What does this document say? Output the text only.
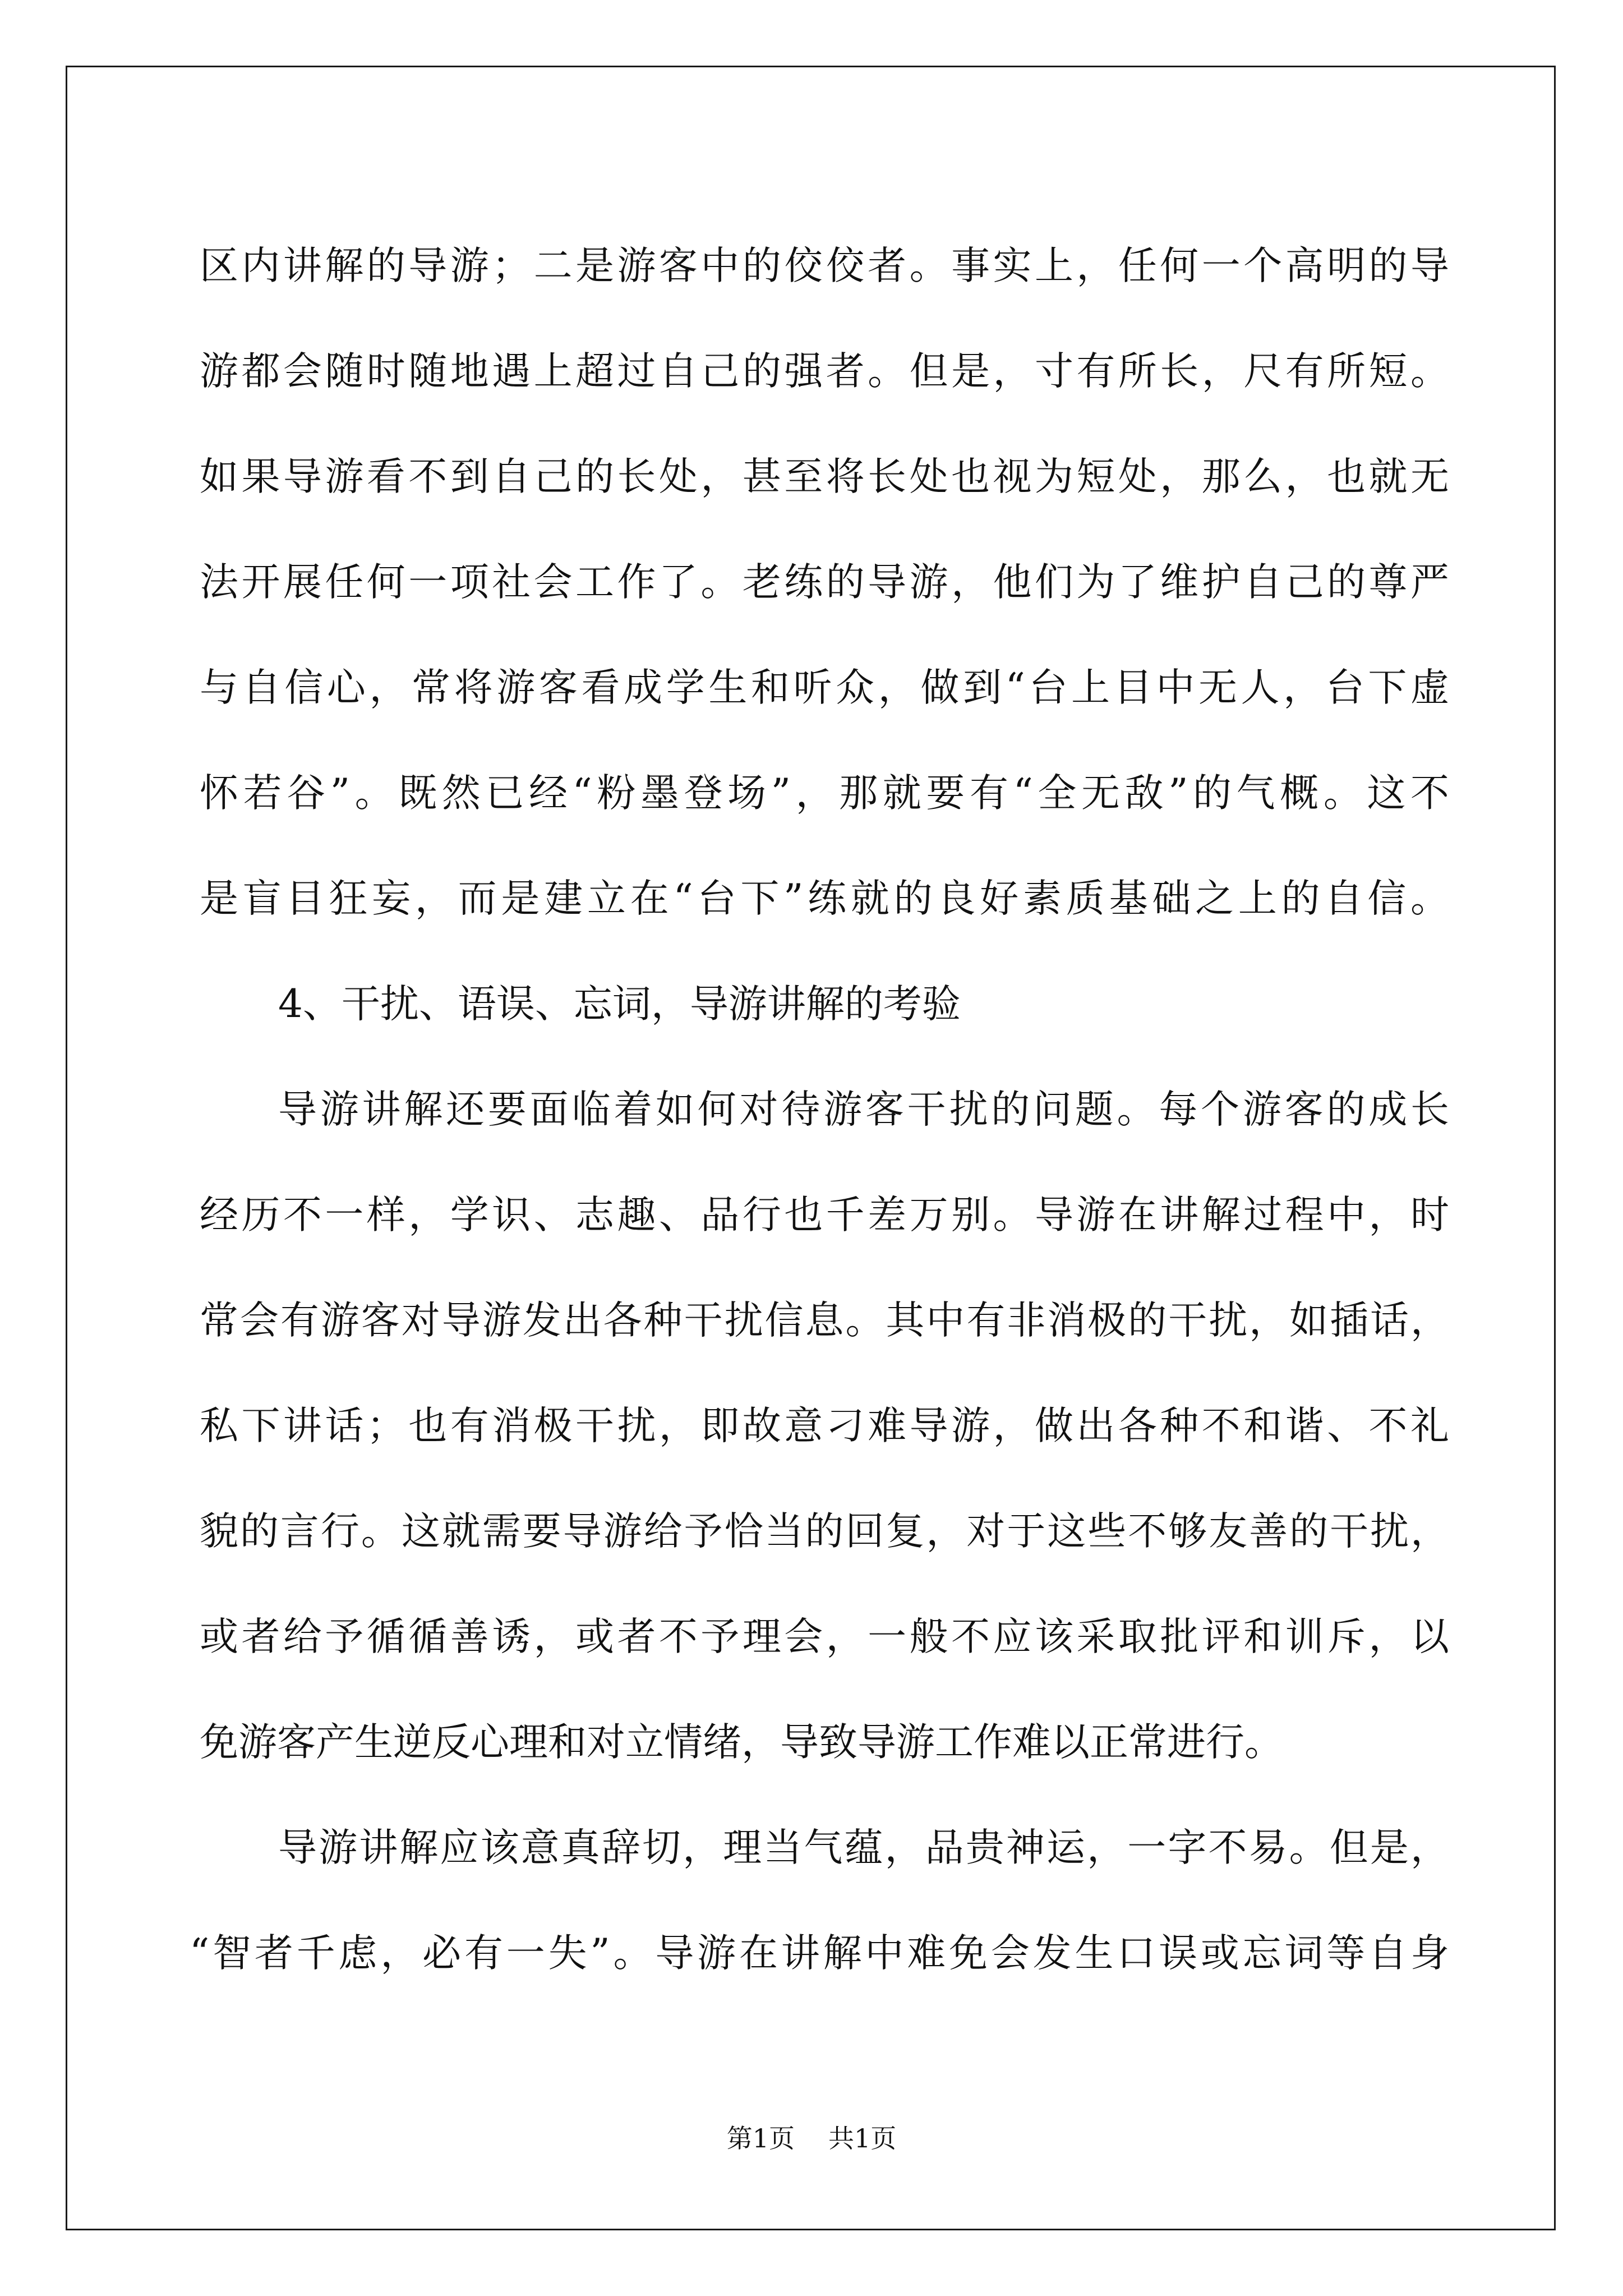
区内讲解的导游；二是游客中的佼佼者。事实上，任何一个高明的导
游都会随时随地遇上超过自己的强者。但是，寸有所长，尺有所短。
如果导游看不到自己的长处，甚至将长处也视为短处，那么，也就无
法开展任何一项社会工作了。老练的导游，他们为了维护自己的尊严
与自信心，常将游客看成学生和听众，做到“台上目中无人，台下虚
怀若谷”。既然已经“粉墨登场”，那就要有“全无敌”的气概。这不
是盲目狂妄，而是建立在“台下”练就的良好素质基础之上的自信。
4、干扰、语误、忘词，导游讲解的考验
导游讲解还要面临着如何对待游客干扰的问题。每个游客的成长
经历不一样，学识、志趣、品行也千差万别。导游在讲解过程中，时
常会有游客对导游发出各种干扰信息。其中有非消极的干扰，如插话，
私下讲话；也有消极干扰，即故意刁难导游，做出各种不和谐、不礼
貌的言行。这就需要导游给予恰当的回复，对于这些不够友善的干扰，
或者给予循循善诱，或者不予理会，一般不应该采取批评和训斥，以
免游客产生逆反心理和对立情绪，导致导游工作难以正常进行。
导游讲解应该意真辞切，理当气蕴，品贵神运，一字不易。但是，
“智者千虑，必有一失”。导游在讲解中难免会发生口误或忘词等自身
第1页 共1页
